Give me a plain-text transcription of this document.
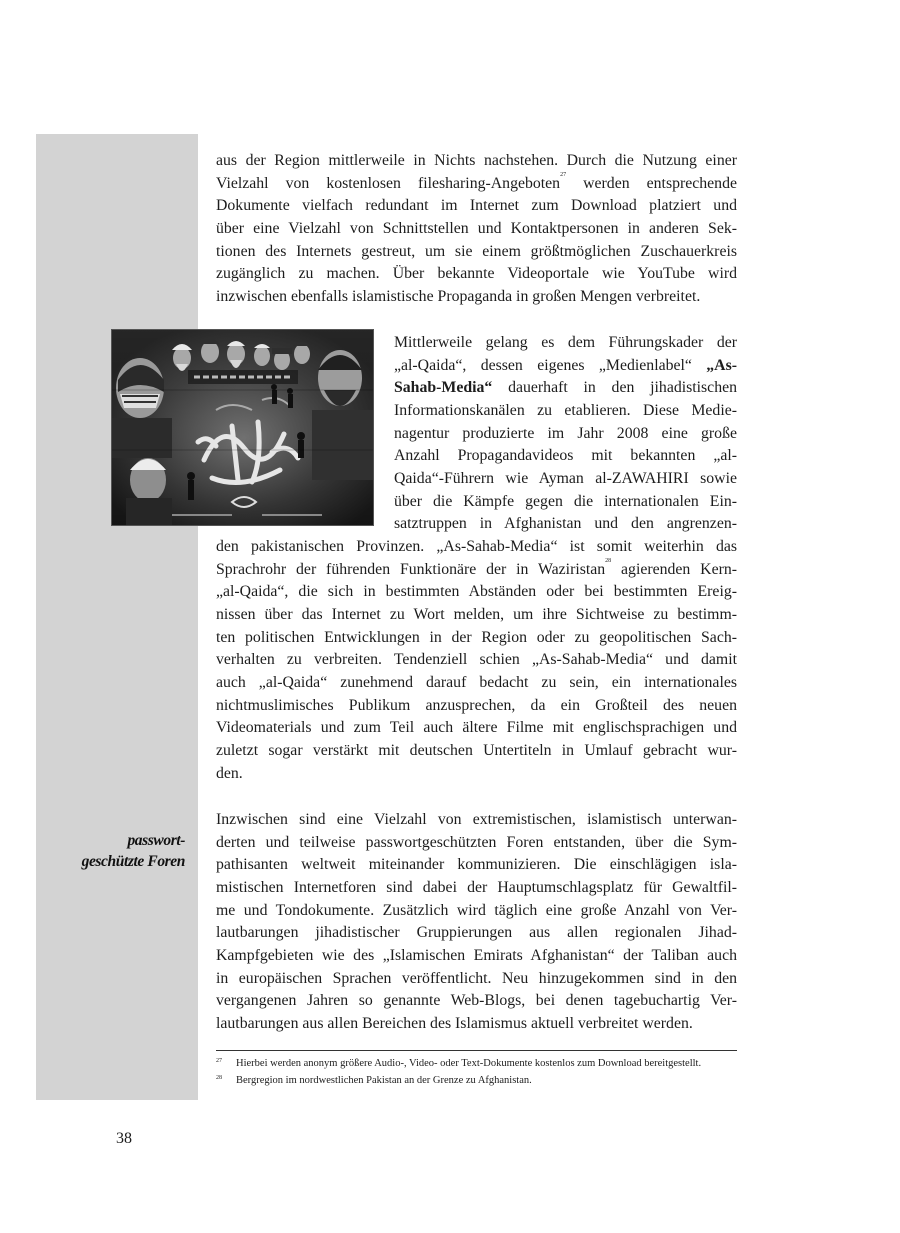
passwort-
geschützte Foren
aus der Region mittlerweile in Nichts nachstehen. Durch die Nutzung einer
Vielzahl von kostenlosen filesharing-Angeboten$^{27}$ werden entsprechende
Dokumente vielfach redundant im Internet zum Download platziert und
über eine Vielzahl von Schnittstellen und Kontaktpersonen in anderen Sek-
tionen des Internets gestreut, um sie einem größtmöglichen Zuschauerkreis
zugänglich zu machen. Über bekannte Videoportale wie YouTube wird
inzwischen ebenfalls islamistische Propaganda in großen Mengen verbreitet.
Mittlerweile gelang es dem Führungskader der
„al-Qaida“, dessen eigenes „Medienlabel“ „As-
Sahab-Media“ dauerhaft in den jihadistischen
Informationskanälen zu etablieren. Diese Medie-
nagentur produzierte im Jahr 2008 eine große
Anzahl Propagandavideos mit bekannten „al-
Qaida“-Führern wie Ayman al-ZAWAHIRI sowie
über die Kämpfe gegen die internationalen Ein-
satztruppen in Afghanistan und den angrenzen-
den pakistanischen Provinzen. „As-Sahab-Media“ ist somit weiterhin das
Sprachrohr der führenden Funktionäre der in Waziristan$^{28}$ agierenden Kern-
„al-Qaida“, die sich in bestimmten Abständen oder bei bestimmten Ereig-
nissen über das Internet zu Wort melden, um ihre Sichtweise zu bestimm-
ten politischen Entwicklungen in der Region oder zu geopolitischen Sach-
verhalten zu verbreiten. Tendenziell schien „As-Sahab-Media“ und damit
auch „al-Qaida“ zunehmend darauf bedacht zu sein, ein internationales
nichtmuslimisches Publikum anzusprechen, da ein Großteil des neuen
Videomaterials und zum Teil auch ältere Filme mit englischsprachigen und
zuletzt sogar verstärkt mit deutschen Untertiteln in Umlauf gebracht wur-
den.
Inzwischen sind eine Vielzahl von extremistischen, islamistisch unterwan-
derten und teilweise passwortgeschützten Foren entstanden, über die Sym-
pathisanten weltweit miteinander kommunizieren. Die einschlägigen isla-
mistischen Internetforen sind dabei der Hauptumschlagsplatz für Gewaltfil-
me und Tondokumente. Zusätzlich wird täglich eine große Anzahl von Ver-
lautbarungen jihadistischer Gruppierungen aus allen regionalen Jihad-
Kampfgebieten wie des „Islamischen Emirats Afghanistan“ der Taliban auch
in europäischen Sprachen veröffentlicht. Neu hinzugekommen sind in den
vergangenen Jahren so genannte Web-Blogs, bei denen tagebuchartig Ver-
lautbarungen aus allen Bereichen des Islamismus aktuell verbreitet werden.
27 Hierbei werden anonym größere Audio-, Video- oder Text-Dokumente kostenlos zum Download bereitgestellt.
28 Bergregion im nordwestlichen Pakistan an der Grenze zu Afghanistan.
38
